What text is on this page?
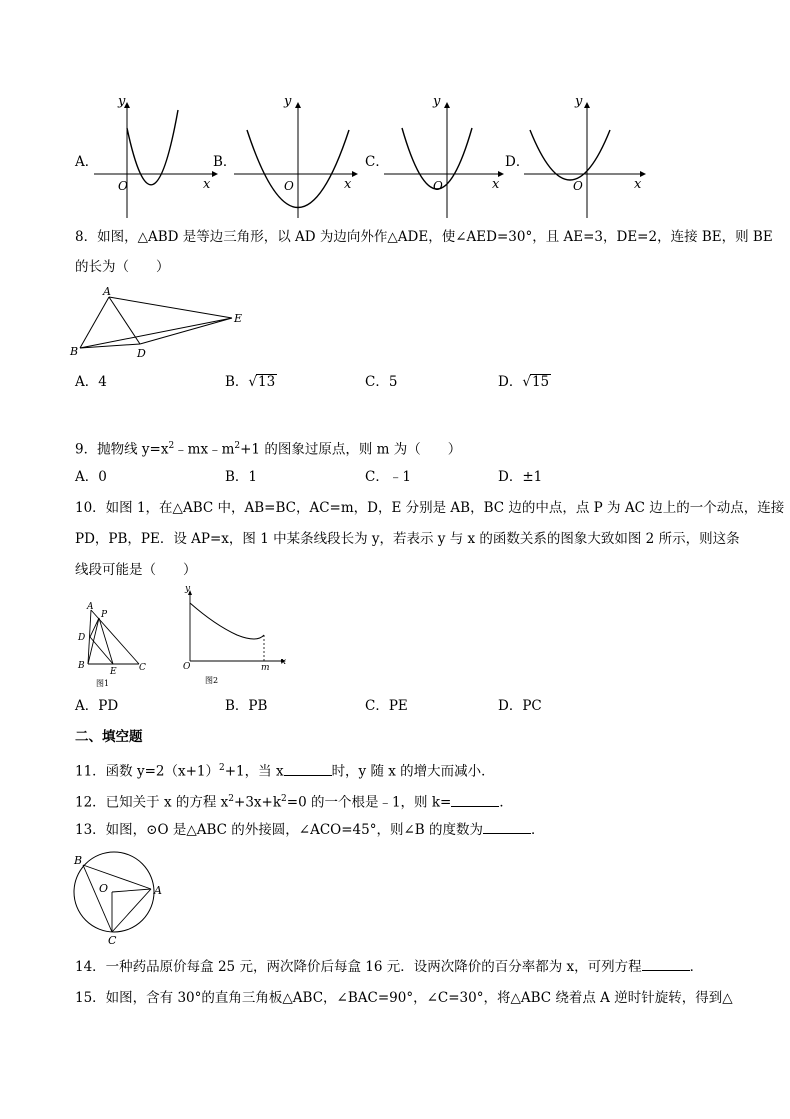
A．
y
O	x
B．
y
O	x
C．
y
O	x
D．
y
O	x
8．如图，△ABD 是等边三角形，以 AD 为边向外作△ADE，使∠AED=30°，且 AE=3，DE=2，连接 BE，则 BE
的长为（　　）
A
B	D
E
A．4	B．√13	C．5	D．√15
9．抛物线 $y=x^2﹣mx﹣m^2+1$ 的图象过原点，则 m 为（　　）
A．0	B．1	C．﹣1	D．±1
10．如图 1，在△ABC 中，AB=BC，AC=m，D，E 分别是 AB，BC 边的中点，点 P 为 AC 边上的一个动点，连接
PD，PB，PE．设 AP=x，图 1 中某条线段长为 y，若表示 y 与 x 的函数关系的图象大致如图 2 所示，则这条
线段可能是（　　）
A
P
D
B
E C
图1
y
O	m
x
图2
A．PD	B．PB	C．PE	D．PC
二、填空题
11．函数 $y=2(x+1)^2+1$，当 x	时，y 随 x 的增大而减小．
12．已知关于 x 的方程 $x^2+3x+k^2=0$ 的一个根是﹣1，则 k=	．
13．如图，⊙O 是△ABC 的外接圆，∠ACO=45°，则∠B 的度数为	．
B
O	A
C
14．一种药品原价每盒 25 元，两次降价后每盒 16 元．设两次降价的百分率都为 x，可列方程	．
15．如图，含有 30°的直角三角板△ABC，∠BAC=90°，∠C=30°，将△ABC 绕着点 A 逆时针旋转，得到△
